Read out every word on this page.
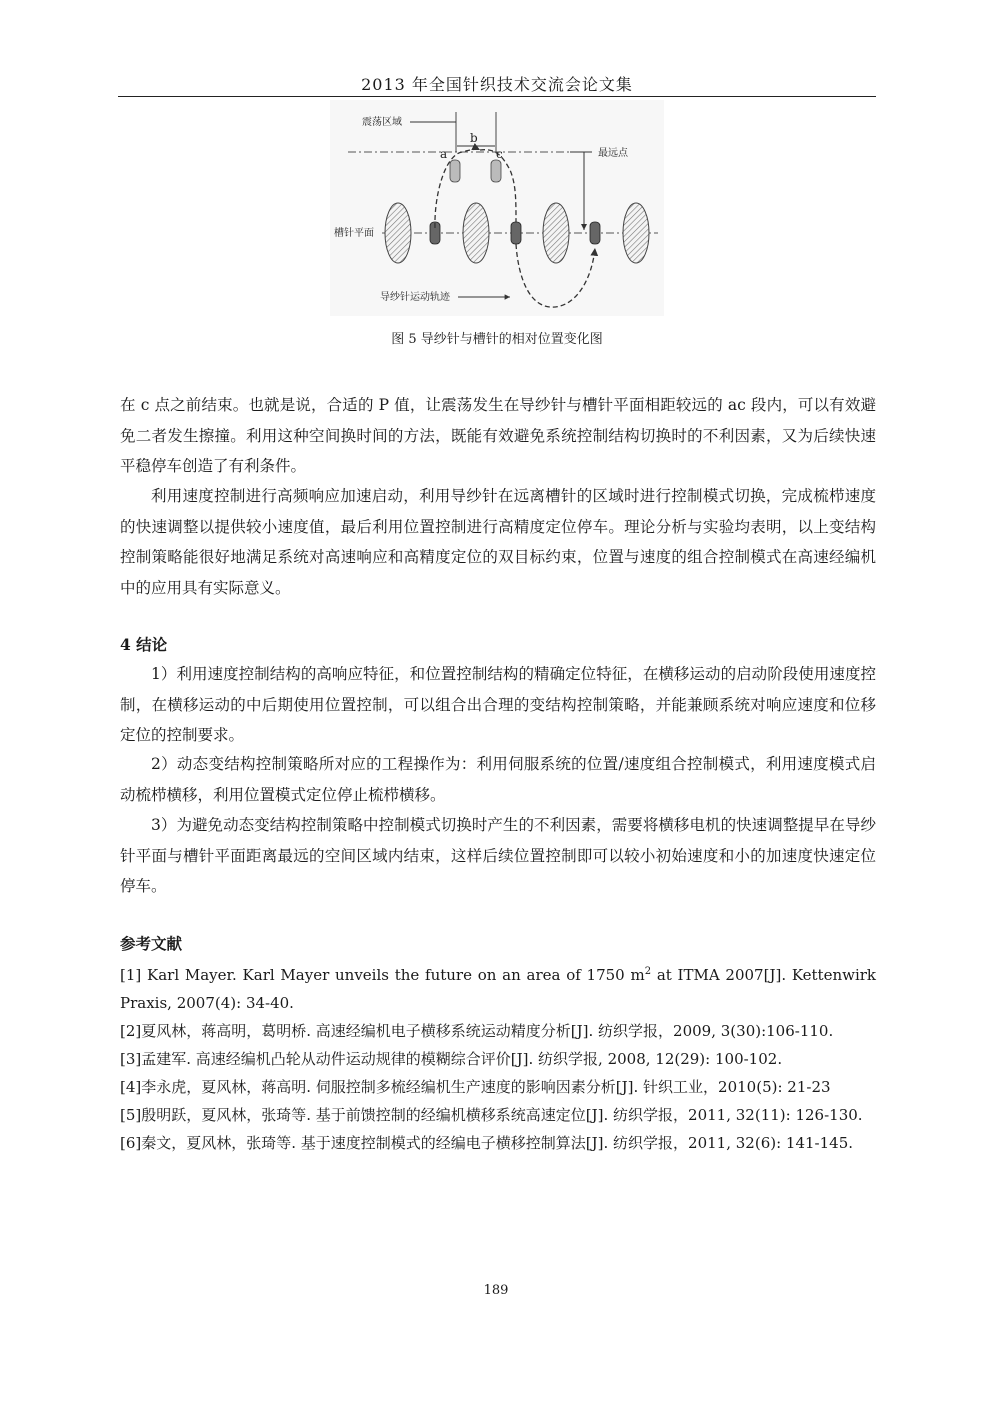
2013 年全国针织技术交流会论文集
震荡区域
b
a	c	最远点
槽针平面
导纱针运动轨迹
图 5 导纱针与槽针的相对位置变化图

在 c 点之前结束。也就是说，合适的 P 值，让震荡发生在导纱针与槽针平面相距较远的 ac 段内，可以有效避免二者发生擦撞。利用这种空间换时间的方法，既能有效避免系统控制结构切换时的不利因素，又为后续快速平稳停车创造了有利条件。

利用速度控制进行高频响应加速启动，利用导纱针在远离槽针的区域时进行控制模式切换，完成梳栉速度的快速调整以提供较小速度值，最后利用位置控制进行高精度定位停车。理论分析与实验均表明，以上变结构控制策略能很好地满足系统对高速响应和高精度定位的双目标约束，位置与速度的组合控制模式在高速经编机中的应用具有实际意义。

4 结论

1）利用速度控制结构的高响应特征，和位置控制结构的精确定位特征，在横移运动的启动阶段使用速度控制，在横移运动的中后期使用位置控制，可以组合出合理的变结构控制策略，并能兼顾系统对响应速度和位移定位的控制要求。

2）动态变结构控制策略所对应的工程操作为：利用伺服系统的位置/速度组合控制模式，利用速度模式启动梳栉横移，利用位置模式定位停止梳栉横移。

3）为避免动态变结构控制策略中控制模式切换时产生的不利因素，需要将横移电机的快速调整提早在导纱针平面与槽针平面距离最远的空间区域内结束，这样后续位置控制即可以较小初始速度和小的加速度快速定位停车。

参考文献

[1] Karl Mayer. Karl Mayer unveils the future on an area of 1750 $m^2$ at ITMA 2007[J]. Kettenwirk Praxis, 2007(4): 34-40.

[2]夏风林，蒋高明，葛明桥. 高速经编机电子横移系统运动精度分析[J]. 纺织学报，2009, 3(30):106-110.

[3]孟建军. 高速经编机凸轮从动件运动规律的模糊综合评价[J]. 纺织学报, 2008, 12(29): 100-102.

[4]李永虎，夏风林，蒋高明. 伺服控制多梳经编机生产速度的影响因素分析[J]. 针织工业，2010(5): 21-23

[5]殷明跃，夏风林，张琦等. 基于前馈控制的经编机横移系统高速定位[J]. 纺织学报，2011, 32(11): 126-130.

[6]秦文，夏风林，张琦等. 基于速度控制模式的经编电子横移控制算法[J]. 纺织学报，2011, 32(6): 141-145.

189
